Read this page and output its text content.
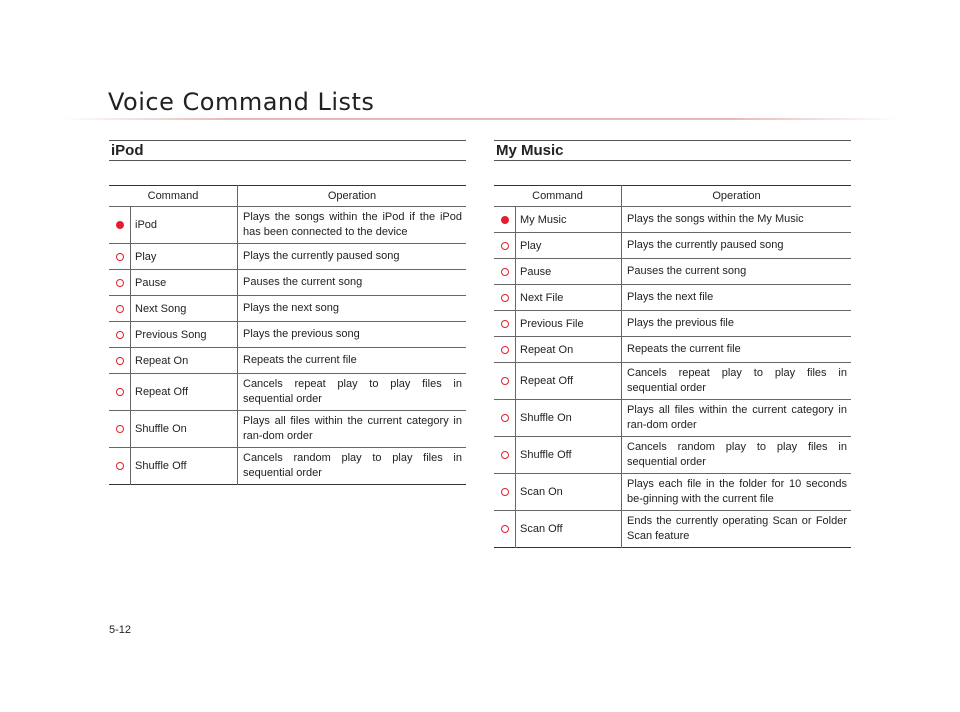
Voice Command Lists
iPod
Command		Operation
	iPod	Plays the songs within the iPod if the iPod has been connected to the device
	Play	Plays the currently paused song
	Pause	Pauses the current song
	Next Song	Plays the next song
	Previous Song	Plays the previous song
	Repeat On	Repeats the current file
	Repeat Off	Cancels repeat play to play files in sequential order
	Shuffle On	Plays all files within the current category in ran-dom order
	Shuffle Off	Cancels random play to play files in sequential order
My Music
Command		Operation
	My Music	Plays the songs within the My Music
	Play	Plays the currently paused song
	Pause	Pauses the current song
	Next File	Plays the next file
	Previous File	Plays the previous file
	Repeat On	Repeats the current file
	Repeat Off	Cancels repeat play to play files in sequential order
	Shuffle On	Plays all files within the current category in ran-dom order
	Shuffle Off	Cancels random play to play files in sequential order
	Scan On	Plays each file in the folder for 10 seconds be-ginning with the current file
	Scan Off	Ends the currently operating Scan or Folder Scan feature
5-12
